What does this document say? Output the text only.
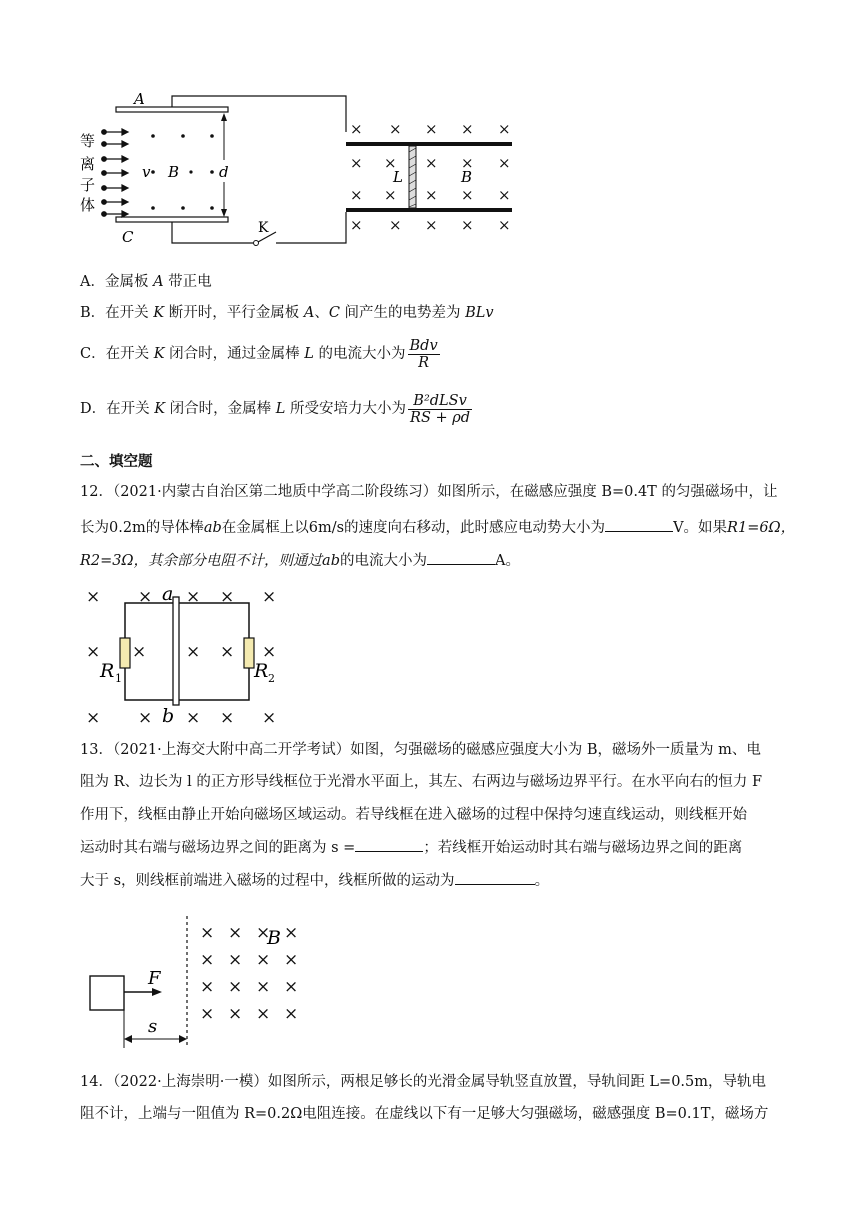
A
C
等
离
子
体
v B	d
K
L	B
× × × × ×
× × × × ×
× × × × ×
× × × × ×
A．金属板 A 带正电
B．在开关 K 断开时，平行金属板 A、C 间产生的电势差为 BLv
C．在开关 K 闭合时，通过金属棒 L 的电流大小为 $\frac{\text{Bdv}}{R}$
D．在开关 K 闭合时，金属棒 L 所受安培力大小为 $\frac{\text{B²dLSv}}{RS + \rho d}$
二、填空题
12．（2021·内蒙古自治区第二地质中学高二阶段练习）如图所示，在磁感应强度 B=0.4T 的匀强磁场中，让
长为0.2m的导体棒ab在金属框上以6m/s的速度向右移动，此时感应电动势大小为	V。如果R1=6Ω，
R2=3Ω，其余部分电阻不计，则通过ab的电流大小为	A。
× × × × ×
× × × × ×
× × × × ×
a
b
R 1	R 2
13．（2021·上海交大附中高二开学考试）如图，匀强磁场的磁感应强度大小为 B，磁场外一质量为 m、电
阻为 R、边长为 l 的正方形导线框位于光滑水平面上，其左、右两边与磁场边界平行。在水平向右的恒力 F
作用下，线框由静止开始向磁场区域运动。若导线框在进入磁场的过程中保持匀速直线运动，则线框开始
运动时其右端与磁场边界之间的距离为 s =	；若线框开始运动时其右端与磁场边界之间的距离
大于 s，则线框前端进入磁场的过程中，线框所做的运动为	。
F
s
× × ×
× × × ×
× × × ×
× × × ×
×
B
14．（2022·上海崇明·一模）如图所示，两根足够长的光滑金属导轨竖直放置，导轨间距 L=0.5m，导轨电
阻不计，上端与一阻值为 R=0.2Ω电阻连接。在虚线以下有一足够大匀强磁场，磁感强度 B=0.1T，磁场方
